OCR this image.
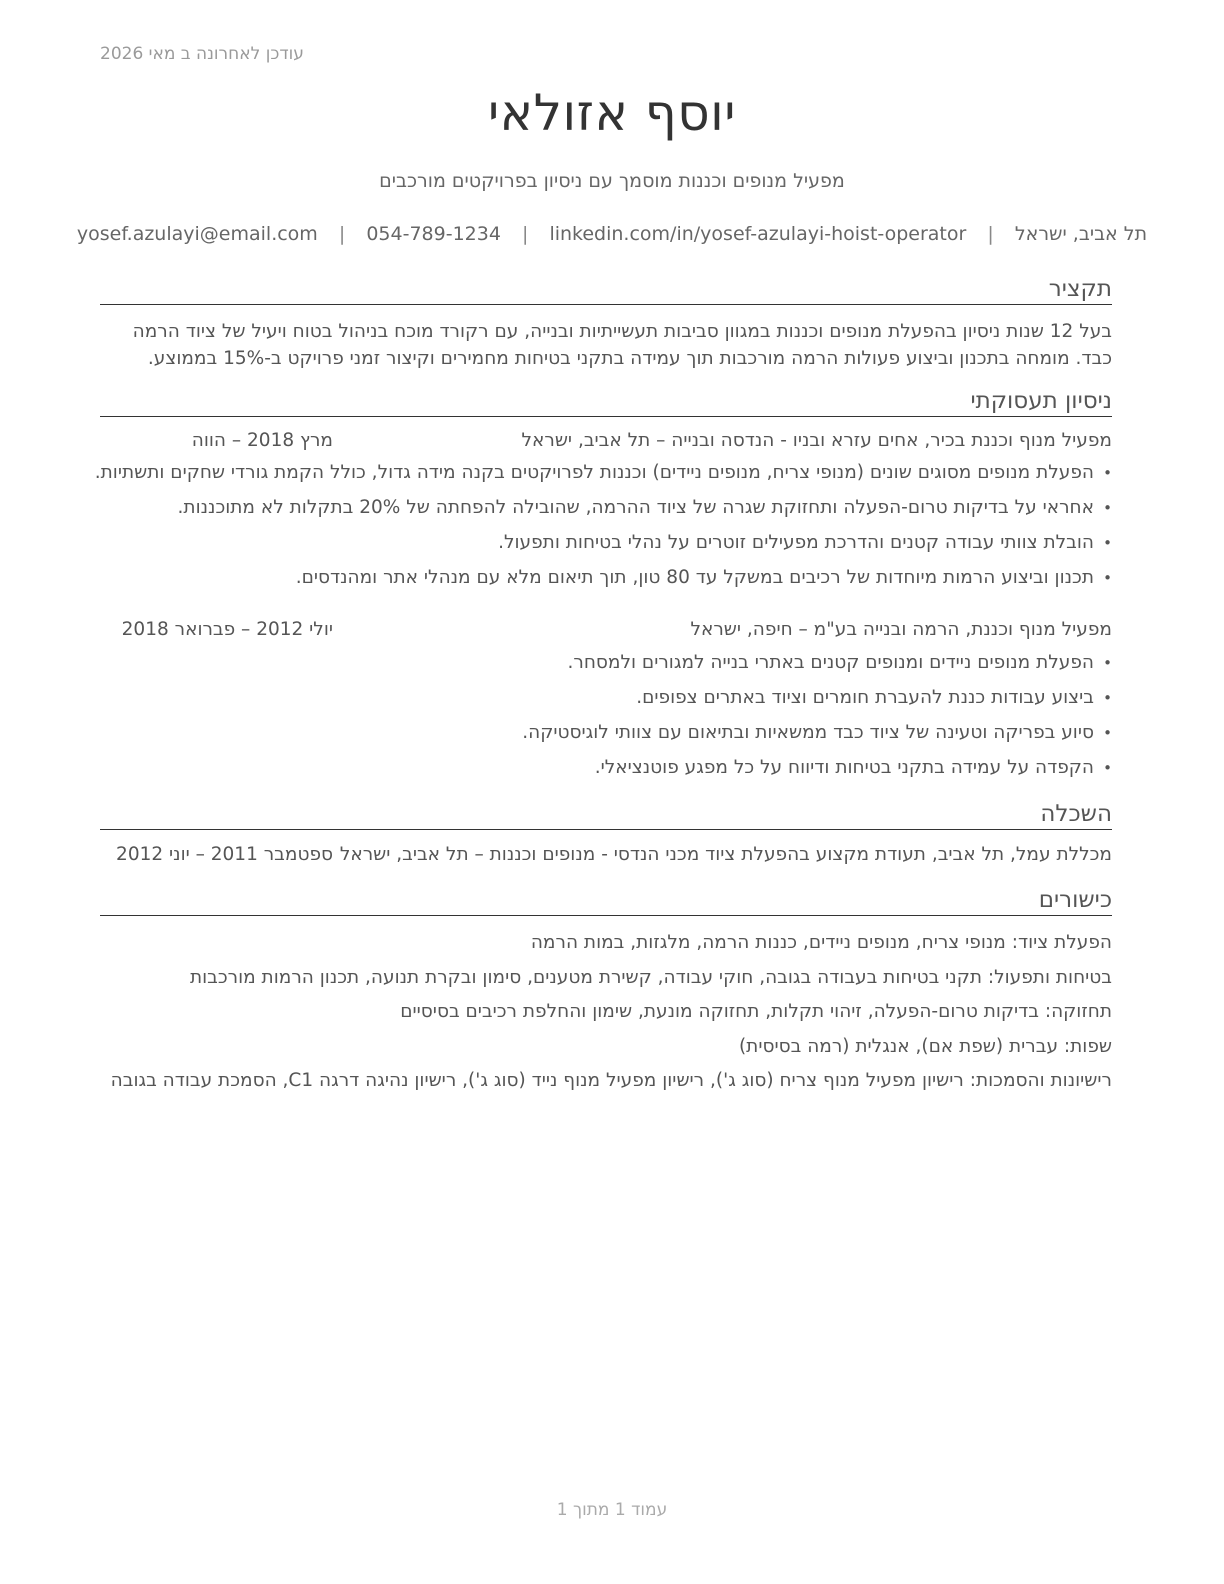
עודכן לאחרונה ב מאי 2026
יוסף אזולאי
מפעיל מנופים וכננות מוסמך עם ניסיון בפרויקטים מורכבים
תל אביב, ישראל | yosef.azulayi@email.com | 054-789-1234 | linkedin.com/in/yosef-azulayi-hoist-operator
תקציר
בעל 12 שנות ניסיון בהפעלת מנופים וכננות במגוון סביבות תעשייתיות ובנייה, עם רקורד מוכח בניהול בטוח ויעיל של ציוד הרמה כבד. מומחה בתכנון וביצוע פעולות הרמה מורכבות תוך עמידה בתקני בטיחות מחמירים וקיצור זמני פרויקט ב-15% בממוצע.
ניסיון תעסוקתי
מפעיל מנוף וכננת בכיר, אחים עזרא ובניו - הנדסה ובנייה – תל אביב, ישראל
מרץ 2018 – הווה
• הפעלת מנופים מסוגים שונים (מנופי צריח, מנופים ניידים) וכננות לפרויקטים בקנה מידה גדול, כולל הקמת גורדי שחקים ותשתיות.
• אחראי על בדיקות טרום-הפעלה ותחזוקת שגרה של ציוד ההרמה, שהובילה להפחתה של 20% בתקלות לא מתוכננות.
• הובלת צוותי עבודה קטנים והדרכת מפעילים זוטרים על נהלי בטיחות ותפעול.
• תכנון וביצוע הרמות מיוחדות של רכיבים במשקל עד 80 טון, תוך תיאום מלא עם מנהלי אתר ומהנדסים.
מפעיל מנוף וכננת, הרמה ובנייה בע"מ – חיפה, ישראל
יולי 2012 – פברואר 2018
• הפעלת מנופים ניידים ומנופים קטנים באתרי בנייה למגורים ולמסחר.
• ביצוע עבודות כננת להעברת חומרים וציוד באתרים צפופים.
• סיוע בפריקה וטעינה של ציוד כבד ממשאיות ובתיאום עם צוותי לוגיסטיקה.
• הקפדה על עמידה בתקני בטיחות ודיווח על כל מפגע פוטנציאלי.
השכלה
מכללת עמל, תל אביב, תעודת מקצוע בהפעלת ציוד מכני הנדסי - מנופים וכננות – תל אביב, ישראל
ספטמבר 2011 – יוני 2012
כישורים
הפעלת ציוד: מנופי צריח, מנופים ניידים, כננות הרמה, מלגזות, במות הרמה
בטיחות ותפעול: תקני בטיחות בעבודה בגובה, חוקי עבודה, קשירת מטענים, סימון ובקרת תנועה, תכנון הרמות מורכבות
תחזוקה: בדיקות טרום-הפעלה, זיהוי תקלות, תחזוקה מונעת, שימון והחלפת רכיבים בסיסיים
שפות: עברית (שפת אם), אנגלית (רמה בסיסית)
רישיונות והסמכות: רישיון מפעיל מנוף צריח (סוג ג'), רישיון מפעיל מנוף נייד (סוג ג'), רישיון נהיגה דרגה C1, הסמכת עבודה בגובה
עמוד 1 מתוך 1
